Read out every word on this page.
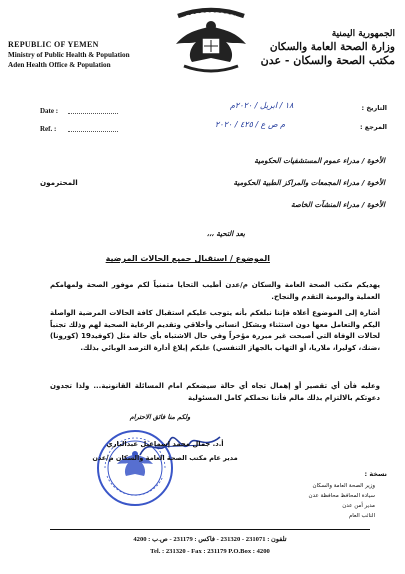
REPUBLIC OF YEMEN
Ministry of Public Health & Population
Aden Health Office & Population
الجمهورية اليمنية
وزارة الصحة العامة والسكان
مكتب الصحة والسكان - عدن
Date :
Ref. :
التاريخ :
١٨ / ابريل / ٢٠٢٠م
المرجع :
م ص ع / ٤٢٥ / ٢٠٢٠
الأخوة / مدراء عموم المستشفيات الحكومية
الأخوة / مدراء المجمعات والمراكز الطبية الحكومية
المحترمون
الأخوة / مدراء المنشآت الخاصة
بعد التحية ،،،
الموضوع / استقبال جميع الحالات المرضية
يهديكم مكتب الصحة العامة والسكان م/عدن أطيب التحايا متمنياً لكم موفور الصحة ولمهامكم العملية واليومية التقدم والنجاح.
أشارة إلى الموضوع أعلاه فإننا نبلغكم بأنه يتوجب عليكم استقبال كافة الحالات المرضية الواصلة اليكم والتعامل معها دون استثناء وبشكل انساني وأخلاقي وتقديم الرعاية الصحية لهم وذلك تجنباً لحالات الوفاة التي أصبحت غير مبررة مؤخراً وفي حال الاشتباه بأي حالة مثل (كوفيد19 (كورونا) ،ضنك، كوليرا، ملاريا، أو التهاب بالجهاز التنفسي) عليكم إبلاغ أدارة الترصد الوبائي بذلك.
وعليه فأن أي تقصير أو إهمال تجاه أي حالة سيضعكم امام المسائلة القانونية... ولذا تجدون دعوتكم بالالتزام بذلك مالم فأننا نحملكم كامل المسئولية
ولكم منا فائق الاحترام
أ.د. جمال محمد إسماعيل عبدالباري
مدير عام مكتب الصحة العامة والسكان م/عدن
نسخة :
وزير الصحة العامة والسكان
سيادة المحافظ محافظة عدن
مدير أمن عدن
النائب العام
تلفون : 231071 - 231320 - فاكس : 231179 - ص.ب : 4200
Tel. : 231320 - Fax : 231179 P.O.Box : 4200
